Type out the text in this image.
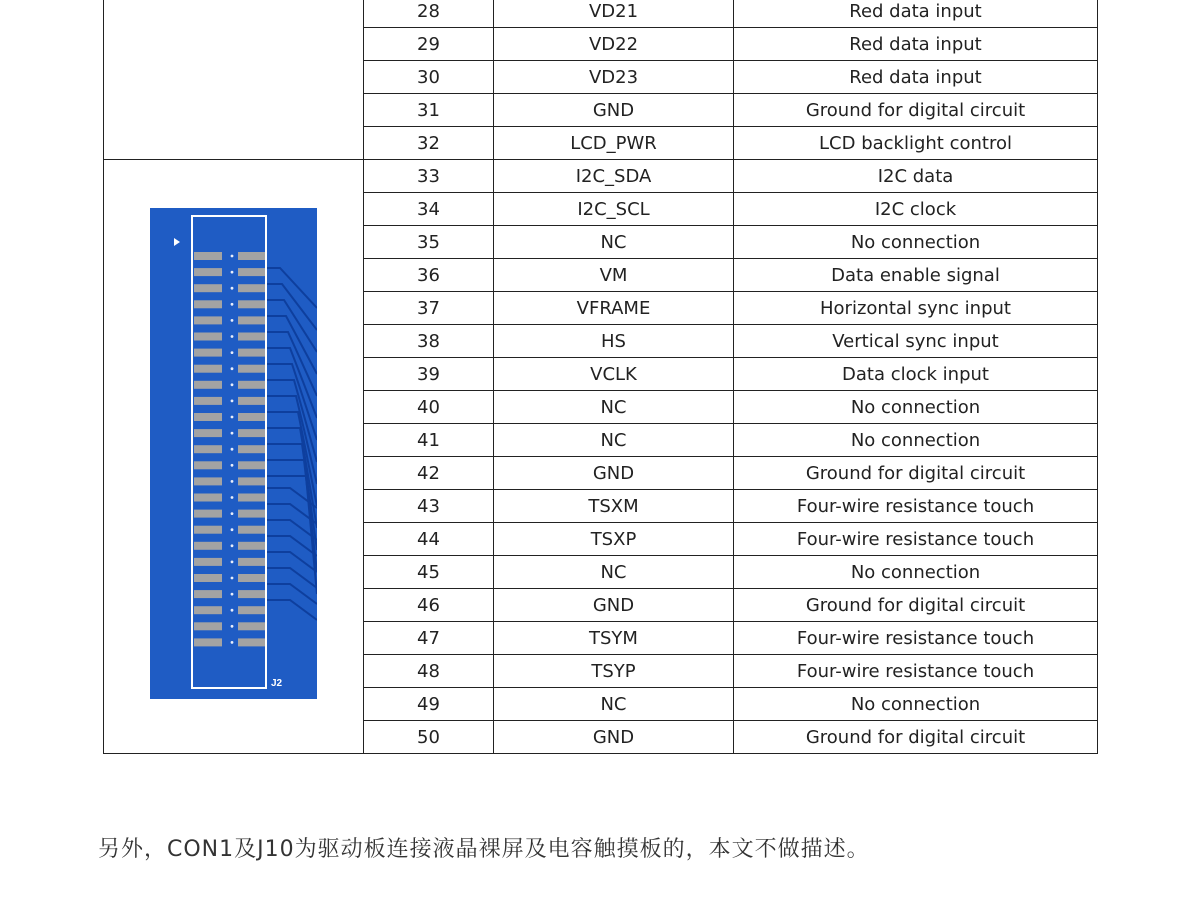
	28	VD21	Red data input
	29	VD22	Red data input
	30	VD23	Red data input
	31	GND	Ground for digital circuit
	32	LCD_PWR	LCD backlight control

J2	33	I2C_SDA	I2C data
	34	I2C_SCL	I2C clock
	35	NC	No connection
	36	VM	Data enable signal
	37	VFRAME	Horizontal sync input
	38	HS	Vertical sync input
	39	VCLK	Data clock input
	40	NC	No connection
	41	NC	No connection
	42	GND	Ground for digital circuit
	43	TSXM	Four-wire resistance touch
	44	TSXP	Four-wire resistance touch
	45	NC	No connection
	46	GND	Ground for digital circuit
	47	TSYM	Four-wire resistance touch
	48	TSYP	Four-wire resistance touch
	49	NC	No connection
	50	GND	Ground for digital circuit
另外，CON1及J10为驱动板连接液晶裸屏及电容触摸板的，本文不做描述。
